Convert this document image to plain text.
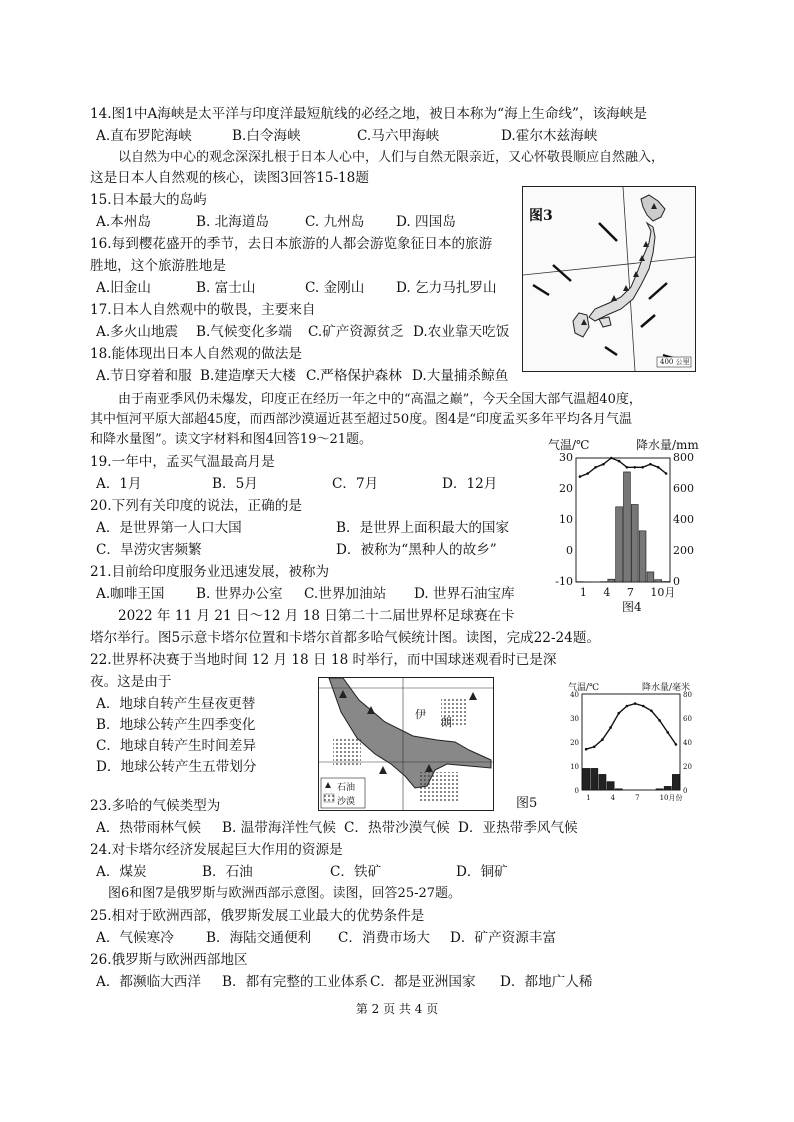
14.图1中A海峡是太平洋与印度洋最短航线的必经之地，被日本称为“海上生命线”，该海峡是
A.直布罗陀海峡	B.白令海峡	C.马六甲海峡	D.霍尔木兹海峡
以自然为中心的观念深深扎根于日本人心中，人们与自然无限亲近，又心怀敬畏顺应自然融入，
这是日本人自然观的核心，读图3回答15-18题
15.日本最大的岛屿
A.本州岛	B. 北海道岛	C. 九州岛 D. 四国岛
16.每到樱花盛开的季节，去日本旅游的人都会游览象征日本的旅游
胜地，这个旅游胜地是
A.旧金山	B. 富士山	C. 金刚山 D. 乞力马扎罗山
17.日本人自然观中的敬畏，主要来自
A.多火山地震 B.气候变化多端 C.矿产资源贫乏 D.农业靠天吃饭
18.能体现出日本人自然观的做法是
A.节日穿着和服 B.建造摩天大楼 C.严格保护森林 D.大量捕杀鲸鱼
由于南亚季风仍未爆发，印度正在经历一年之中的“高温之巅”，今天全国大部气温超40度，
其中恒河平原大部超45度，而西部沙漠逼近甚至超过50度。图4是“印度孟买多年平均各月气温
和降水量图”。读文字材料和图4回答19～21题。
19.一年中，孟买气温最高月是
A．1月	B．5月	C．7月	D．12月
20.下列有关印度的说法，正确的是
A．是世界第一人口大国	B．是世界上面积最大的国家
C．旱涝灾害频繁	D．被称为“黑种人的故乡”
21.目前给印度服务业迅速发展，被称为
A.咖啡王国 B. 世界办公室 C.世界加油站 D. 世界石油宝库
2022 年 11 月 21 日～12 月 18 日第二十二届世界杯足球赛在卡
塔尔举行。图5示意卡塔尔位置和卡塔尔首都多哈气候统计图。读图，完成22-24题。
22.世界杯决赛于当地时间 12 月 18 日 18 时举行，而中国球迷观看时已是深
夜。这是由于
A．地球自转产生昼夜更替
B．地球公转产生四季变化
C．地球自转产生时间差异
D．地球公转产生五带划分
23.多哈的气候类型为
A．热带雨林气候 B. 温带海洋性气候 C．热带沙漠气候 D．亚热带季风气候
24.对卡塔尔经济发展起巨大作用的资源是
A．煤炭	B．石油	C．铁矿	D．铜矿
图6和图7是俄罗斯与欧洲西部示意图。读图，回答25-27题。
25.相对于欧洲西部，俄罗斯发展工业最大的优势条件是
A．气候寒冷 B．海陆交通便利 C．消费市场大 D．矿产资源丰富
26.俄罗斯与欧洲西部地区
A．都濒临大西洋 B．都有完整的工业体系 C．都是亚洲国家 D．都地广人稀
第 2 页 共 4 页
图3
400 公里
气温/℃	降水量/mm
-10
0
10
20
30
0
200
400
600
800
1 4 7 10月
图4
伊
朗
石油
沙漠	图5
气温/℃	降水量/毫米
0
10
20
30
40
0
20
40
60
80
1	4	7	10月份
